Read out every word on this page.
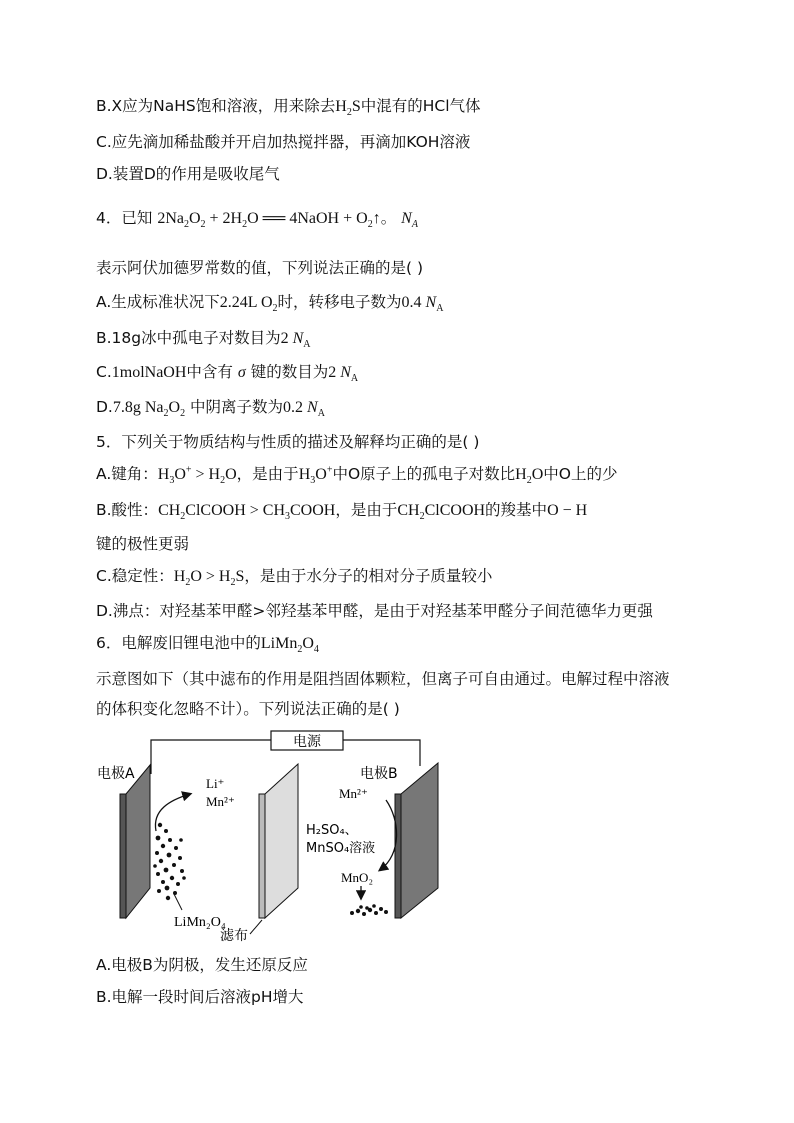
B.X应为NaHS饱和溶液，用来除去$H_2S$中混有的HCl气体
C.应先滴加稀盐酸并开启加热搅拌器，再滴加KOH溶液
D.装置D的作用是吸收尾气
4．已知 $2Na_2O_2 + 2H_2O$ ══ 4NaOH + $O_2↑$。 $N_A$
表示阿伏加德罗常数的值，下列说法正确的是( )
A.生成标准状况下2.24L $O_2$时，转移电子数为0.4 $N_A$
B.18g冰中孤电子对数目为2 $N_A$
C.1molNaOH中含有 σ 键的数目为2 $N_A$
D.7.8g $Na_2O_2$ 中阴离子数为0.2 $N_A$
5．下列关于物质结构与性质的描述及解释均正确的是( )
A.键角：$H_3O^+ > H_2O$，是由于$H_3O^+$中O原子上的孤电子对数比$H_2O$中O上的少
B.酸性：$CH_2ClCOOH$ > $CH_3COOH$，是由于$CH_2ClCOOH$的羧基中O − H
键的极性更弱
C.稳定性：$H_2O > H_2S$，是由于水分子的相对分子质量较小
D.沸点：对羟基苯甲醛>邻羟基苯甲醛，是由于对羟基苯甲醛分子间范德华力更强
6．电解废旧锂电池中的$LiMn_2O_4$
示意图如下（其中滤布的作用是阻挡固体颗粒，但离子可自由通过。电解过程中溶液
的体积变化忽略不计）。下列说法正确的是( )
电源
电极A
Li⁺
Mn²⁺
LiMn₂O₄
滤布
H₂SO₄、
MnSO₄溶液
电极B
Mn²⁺
MnO₂
A.电极B为阴极，发生还原反应
B.电解一段时间后溶液pH增大
